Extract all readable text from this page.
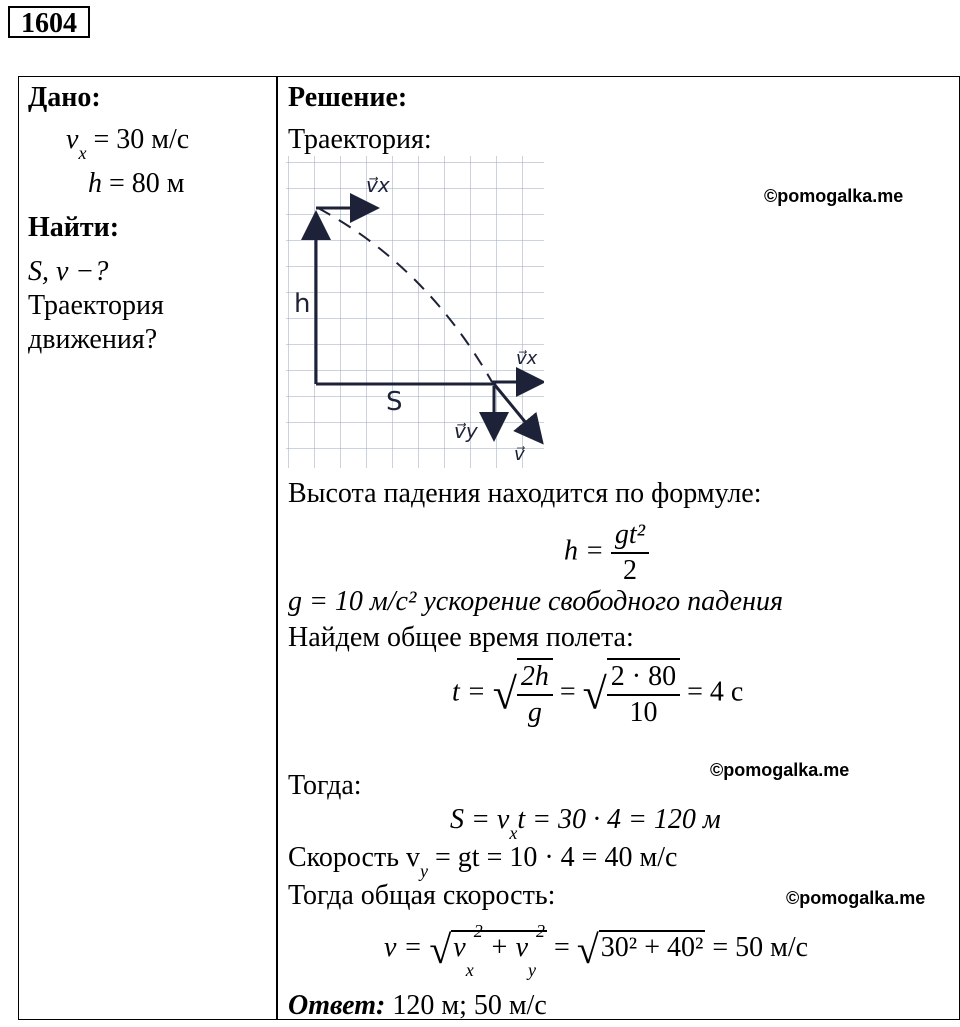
1604
Дано:
$v_x = 30$ м/с
h = 80 м
Найти:
S, v −?
Траектория
движения?
Решение:
Траектория:
v⃗x
h
S
v⃗x
v⃗y
v⃗
©pomogalka.me
Высота падения находится по формуле:
$h = \frac{\text{gt²}}{2}$
g = 10 м/с² ускорение свободного падения
Найдем общее время полета:
t = √ $\frac{2h}{g}$ = √ $\frac{2 \cdot 80}{10} = 4$ с
©pomogalka.me
Тогда:
$S = v_xt = 30 \cdot 4 = 120$ м
Скорость $v_y$ = gt = 10 · 4 = 40 м/с
Тогда общая скорость:	©pomogalka.me
$v = √v_x^2 + v_y^2 = √30^2 + 40^2 = 50$ м/с
Ответ: 120 м; 50 м/с
